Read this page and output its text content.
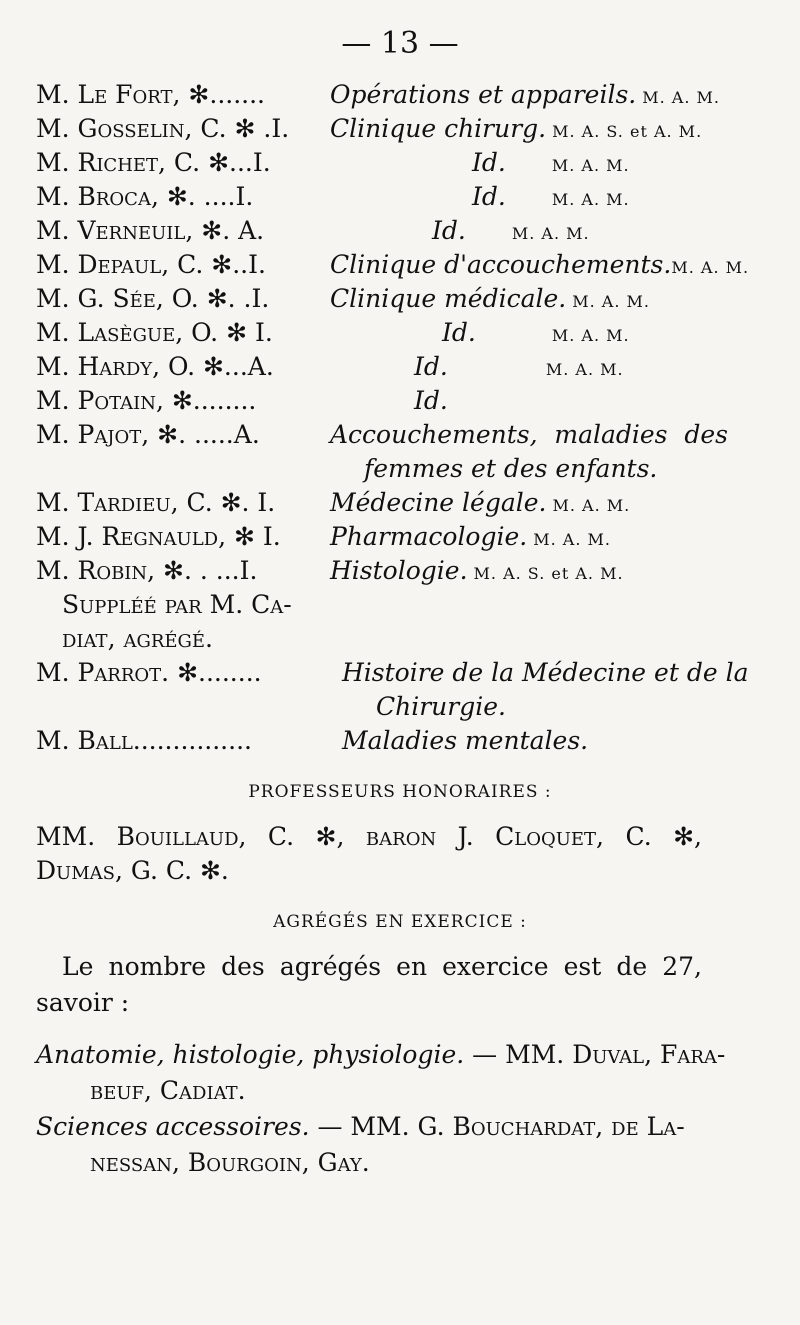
— 13 —
M. Le Fort, ✻.......	Opérations et appareils. M. A. M.
M. Gosselin, C. ✻ .I. Clinique chirurg. M. A. S. et A. M.
M. Richet, C. ✻...I.	Id.	M. A. M.
M. Broca, ✻. ....I.	Id.	M. A. M.
M. Verneuil, ✻. A.	Id.	M. A. M.
M. Depaul, C. ✻..I.	Clinique d'accouchements.M. A. M.
M. G. Sée, O. ✻. .I. Clinique médicale. M. A. M.
M. Lasègue, O. ✻ I.	Id.	M. A. M.
M. Hardy, O. ✻...A.	Id.	M. A. M.
M. Potain, ✻........	Id.
M. Pajot, ✻. .....A.	Accouchements, maladies des
femmes et des enfants.
M. Tardieu, C. ✻. I. Médecine légale. M. A. M.
M. J. Regnauld, ✻ I. Pharmacologie. M. A. M.
M. Robin, ✻. . ...I.	Histologie. M. A. S. et A. M.
Suppléé par M. Ca-
diat, agrégé.
M. Parrot. ✻........	Histoire de la Médecine et de la
Chirurgie.
M. Ball...............	Maladies mentales.
PROFESSEURS HONORAIRES :
MM. Bouillaud, C. ✻, baron J. Cloquet, C. ✻,
Dumas, G. C. ✻.
AGRÉGÉS EN EXERCICE :
Le nombre des agrégés en exercice est de 27,
savoir :
Anatomie, histologie, physiologie. — MM. Duval, Fara-
beuf, Cadiat.
Sciences accessoires. — MM. G. Bouchardat, de La-
nessan, Bourgoin, Gay.
